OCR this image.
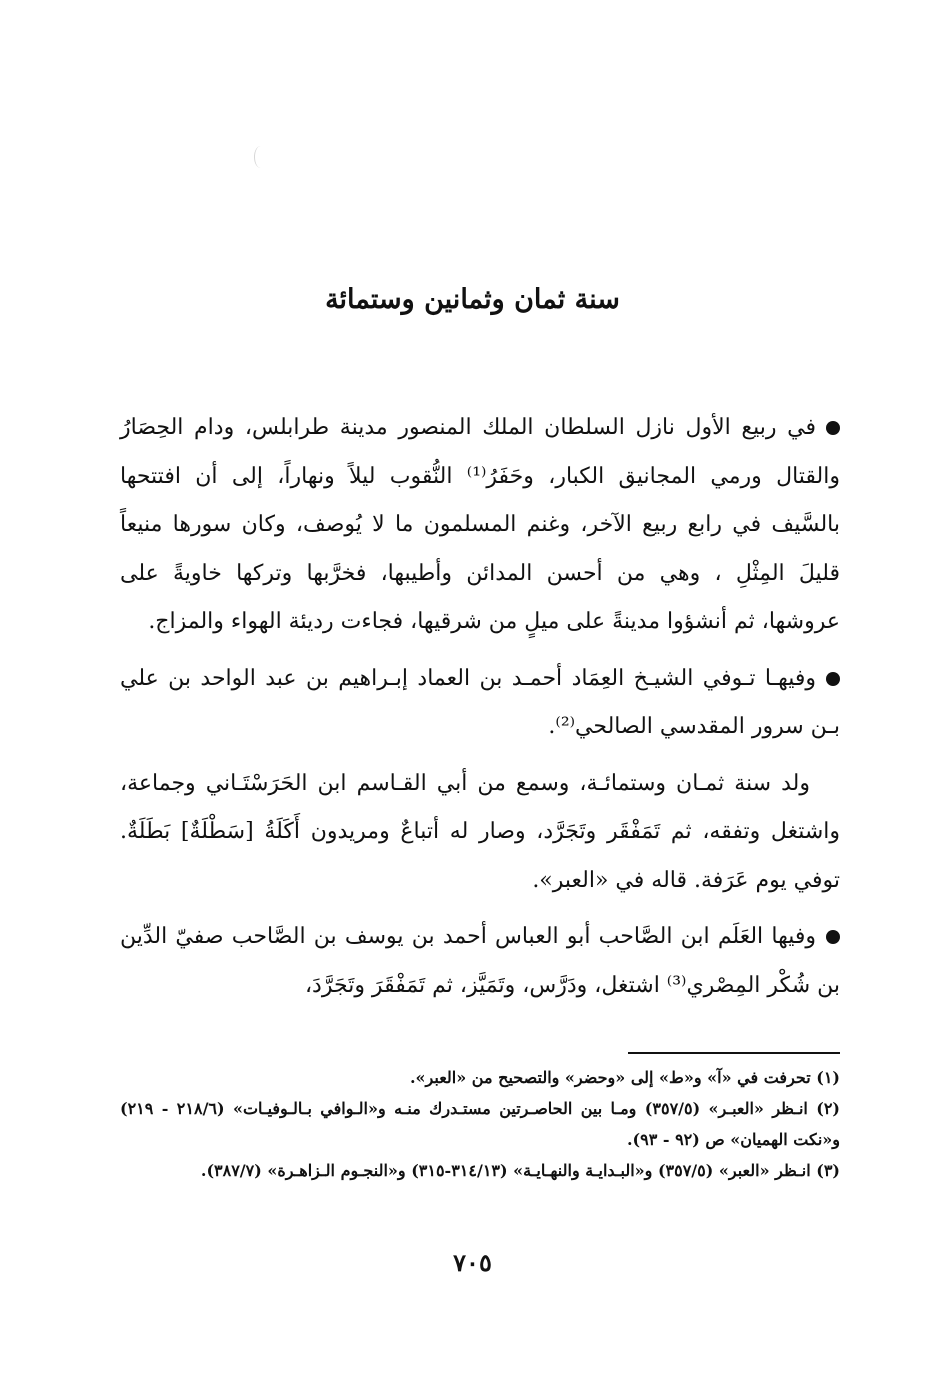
سنة ثمان وثمانين وستمائة

في ربيع الأول نازل السلطان الملك المنصور مدينة طرابلس، ودام الحِصَارُ والقتال ورمي المجانيق الكبار، وحَفَرُ⁽¹⁾ النُّقوب ليلاً ونهاراً، إلى أن افتتحها بالسَّيف في رابع ربيع الآخر، وغنم المسلمون ما لا يُوصف، وكان سورها منيعاً قليلَ المِثْلِ ، وهي من أحسن المدائن وأطيبها، فخرَّبها وتركها خاويةً على عروشها، ثم أنشؤوا مدينةً على ميلٍ من شرقيها، فجاءت رديئة الهواء والمزاج.

وفيهـا تـوفي الشيـخ العِمَاد أحمـد بن العماد إبـراهيم بن عبد الواحد بن علي بـن سرور المقدسي الصالحي⁽²⁾.

ولد سنة ثمـان وستمائـة، وسمع من أبي القـاسم ابن الحَرَسْتَـاني وجماعة، واشتغل وتفقه، ثم تَمَفْقَر وتَجَرَّد، وصار له أتباعٌ ومريدون أَكَلَةُ [سَطْلَةٌ] بَطَلَةٌ. توفي يوم عَرَفة. قاله في «العبر».

وفيها العَلَم ابن الصَّاحب أبو العباس أحمد بن يوسف بن الصَّاحب صفيّ الدِّين بن شُكْر المِصْري⁽³⁾ اشتغل، ودَرَّس، وتَمَيَّز، ثم تَمَفْقَرَ وتَجَرَّدَ،

(١) تحرفت في «آ» و«ط» إلى «وحضر» والتصحيح من «العبر».

(٢) انـظر «العبـر» (٣٥٧/٥) ومـا بين الحاصـرتين مستـدرك منـه و«الـوافي بـالـوفيـات» (٢١٨/٦ - ٢١٩) و«نكت الهميان» ص (٩٢ - ٩٣).

(٣) انـظر «العبر» (٣٥٧/٥) و«البـدايـة والنهـايـة» (٣١٤/١٣-٣١٥) و«النجـوم الـزاهـرة» (٣٨٧/٧).

٧٠٥
